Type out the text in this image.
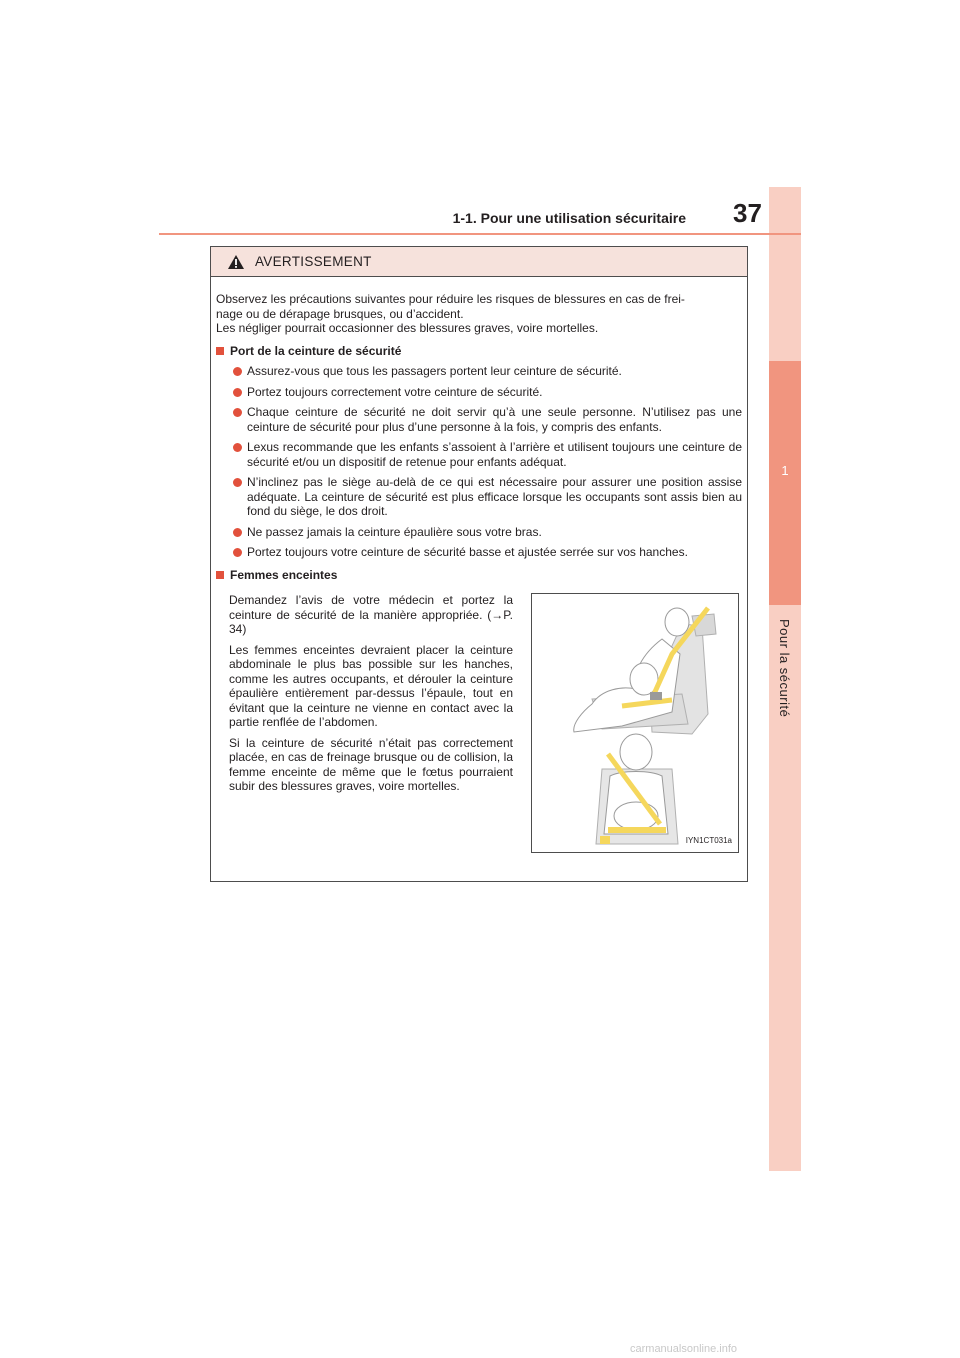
1
Pour la sécurité
1-1. Pour une utilisation sécuritaire 37
AVERTISSEMENT

Observez les précautions suivantes pour réduire les risques de blessures en cas de frei-

nage ou de dérapage brusques, ou d’accident.

Les négliger pourrait occasionner des blessures graves, voire mortelles.

Port de la ceinture de sécurité
Assurez-vous que tous les passagers portent leur ceinture de sécurité.
Portez toujours correctement votre ceinture de sécurité.
Chaque ceinture de sécurité ne doit servir qu’à une seule personne. N’utilisez pas une ceinture de sécurité pour plus d’une personne à la fois, y compris des enfants.
Lexus recommande que les enfants s’assoient à l’arrière et utilisent toujours une ceinture de sécurité et/ou un dispositif de retenue pour enfants adéquat.
N’inclinez pas le siège au-delà de ce qui est nécessaire pour assurer une position assise adéquate. La ceinture de sécurité est plus efficace lorsque les occupants sont assis bien au fond du siège, le dos droit.
Ne passez jamais la ceinture épaulière sous votre bras.
Portez toujours votre ceinture de sécurité basse et ajustée serrée sur vos hanches.
Femmes enceintes

Demandez l’avis de votre médecin et portez la ceinture de sécurité de la manière appropriée. (→P. 34)

Les femmes enceintes devraient placer la ceinture abdominale le plus bas possible sur les hanches, comme les autres occupants, et dérouler la ceinture épaulière entièrement par-dessus l’épaule, tout en évitant que la ceinture ne vienne en contact avec la partie renflée de l’abdomen.

Si la ceinture de sécurité n’était pas correctement placée, en cas de freinage brusque ou de collision, la femme enceinte de même que le fœtus pourraient subir des blessures graves, voire mortelles.

IYN1CT031a
carmanualsonline.info
